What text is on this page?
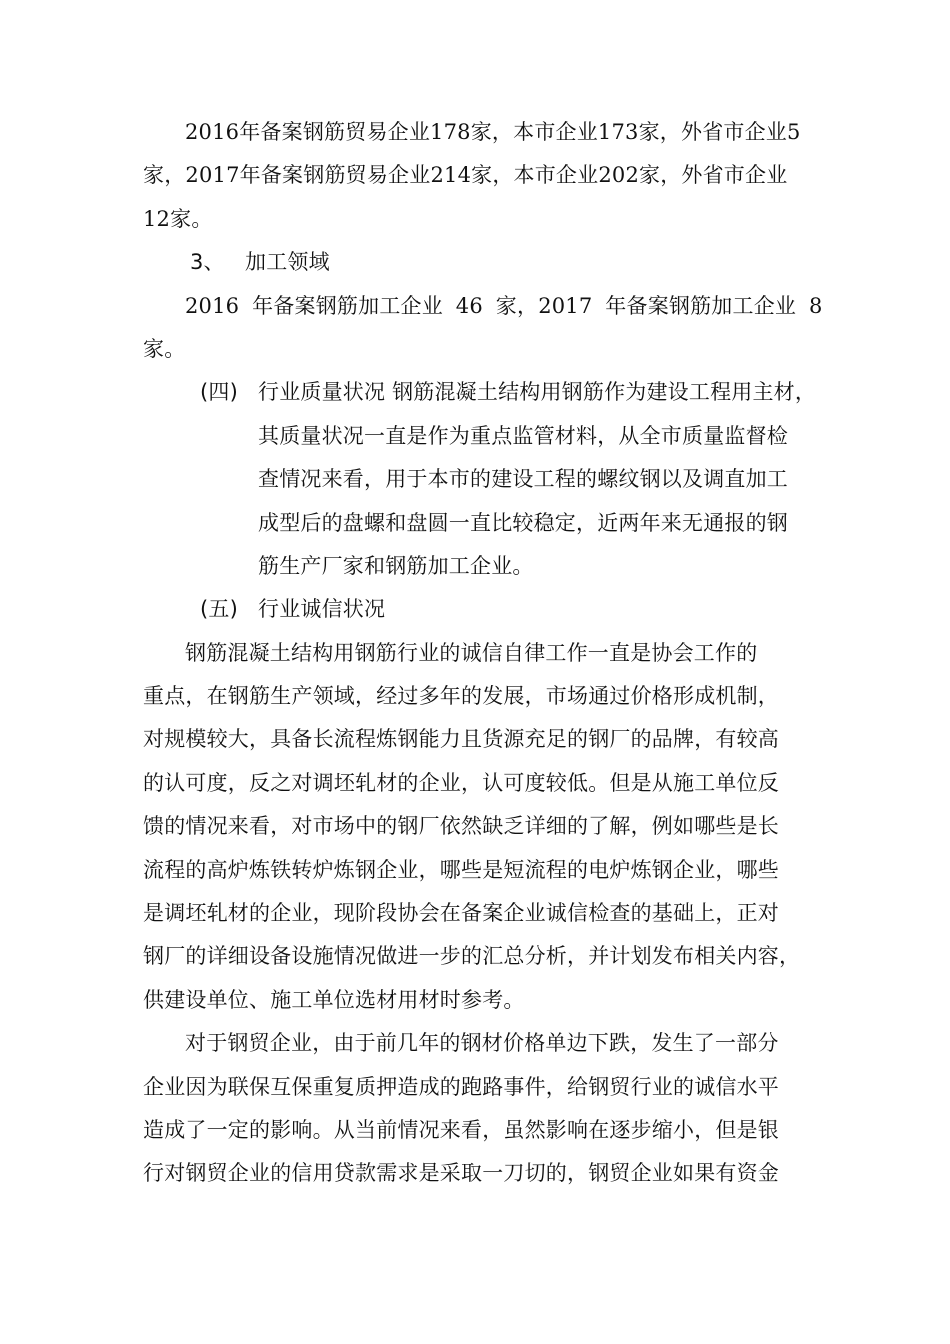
2016年备案钢筋贸易企业178家，本市企业173家，外省市企业5
家，2017年备案钢筋贸易企业214家，本市企业202家，外省市企业
12家。
3、 加工领域
2016 年备案钢筋加工企业 46 家，2017 年备案钢筋加工企业 8
家。
(四) 行业质量状况 钢筋混凝土结构用钢筋作为建设工程用主材，
其质量状况一直是作为重点监管材料，从全市质量监督检
查情况来看，用于本市的建设工程的螺纹钢以及调直加工
成型后的盘螺和盘圆一直比较稳定，近两年来无通报的钢
筋生产厂家和钢筋加工企业。
(五) 行业诚信状况
钢筋混凝土结构用钢筋行业的诚信自律工作一直是协会工作的
重点，在钢筋生产领域，经过多年的发展，市场通过价格形成机制，
对规模较大，具备长流程炼钢能力且货源充足的钢厂的品牌，有较高
的认可度，反之对调坯轧材的企业，认可度较低。但是从施工单位反
馈的情况来看，对市场中的钢厂依然缺乏详细的了解，例如哪些是长
流程的高炉炼铁转炉炼钢企业，哪些是短流程的电炉炼钢企业，哪些
是调坯轧材的企业，现阶段协会在备案企业诚信检查的基础上，正对
钢厂的详细设备设施情况做进一步的汇总分析，并计划发布相关内容，
供建设单位、施工单位选材用材时参考。
对于钢贸企业，由于前几年的钢材价格单边下跌，发生了一部分
企业因为联保互保重复质押造成的跑路事件，给钢贸行业的诚信水平
造成了一定的影响。从当前情况来看，虽然影响在逐步缩小，但是银
行对钢贸企业的信用贷款需求是采取一刀切的，钢贸企业如果有资金
